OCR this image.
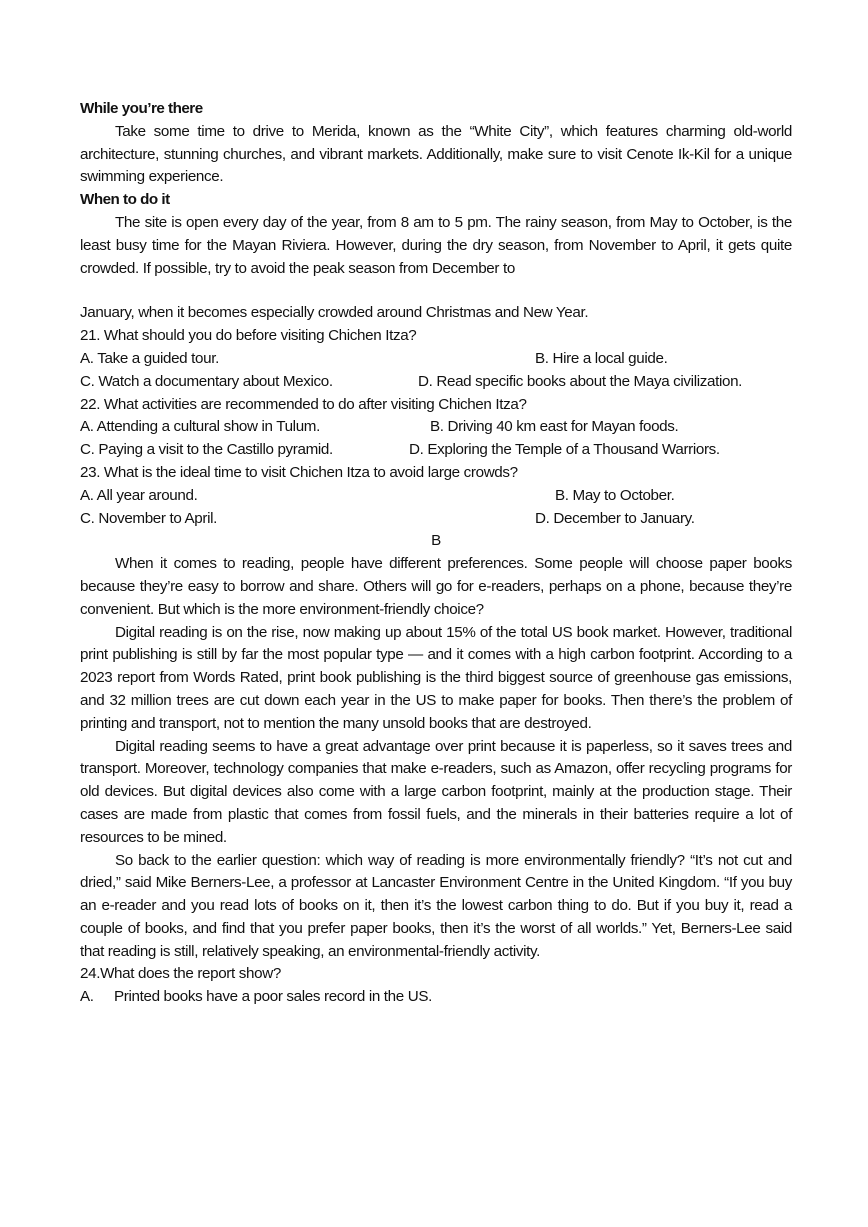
While you’re there
Take some time to drive to Merida, known as the “White City”, which features charming old-world architecture, stunning churches, and vibrant markets. Additionally, make sure to visit Cenote Ik-Kil for a unique swimming experience.
When to do it
The site is open every day of the year, from 8 am to 5 pm. The rainy season, from May to October, is the least busy time for the Mayan Riviera. However, during the dry season, from November to April, it gets quite crowded. If possible, try to avoid the peak season from December to
January, when it becomes especially crowded around Christmas and New Year.
21. What should you do before visiting Chichen Itza?
A. Take a guided tour.	B. Hire a local guide.
C. Watch a documentary about Mexico.	D. Read specific books about the Maya civilization.
22. What activities are recommended to do after visiting Chichen Itza?
A. Attending a cultural show in Tulum.	B. Driving 40 km east for Mayan foods.
C. Paying a visit to the Castillo pyramid.	D. Exploring the Temple of a Thousand Warriors.
23. What is the ideal time to visit Chichen Itza to avoid large crowds?
A. All year around.	B. May to October.
C. November to April.	D. December to January.
B
When it comes to reading, people have different preferences. Some people will choose paper books because they’re easy to borrow and share. Others will go for e-readers, perhaps on a phone, because they’re convenient. But which is the more environment-friendly choice?
Digital reading is on the rise, now making up about 15% of the total US book market. However, traditional print publishing is still by far the most popular type — and it comes with a high carbon footprint. According to a 2023 report from Words Rated, print book publishing is the third biggest source of greenhouse gas emissions, and 32 million trees are cut down each year in the US to make paper for books. Then there’s the problem of printing and transport, not to mention the many unsold books that are destroyed.
Digital reading seems to have a great advantage over print because it is paperless, so it saves trees and transport. Moreover, technology companies that make e-readers, such as Amazon, offer recycling programs for old devices. But digital devices also come with a large carbon footprint, mainly at the production stage. Their cases are made from plastic that comes from fossil fuels, and the minerals in their batteries require a lot of resources to be mined.
So back to the earlier question: which way of reading is more environmentally friendly? “It’s not cut and dried,” said Mike Berners-Lee, a professor at Lancaster Environment Centre in the United Kingdom. “If you buy an e-reader and you read lots of books on it, then it’s the lowest carbon thing to do. But if you buy it, read a couple of books, and find that you prefer paper books, then it’s the worst of all worlds.” Yet, Berners-Lee said that reading is still, relatively speaking, an environmental-friendly activity.
24.What does the report show?
A.	Printed books have a poor sales record in the US.
